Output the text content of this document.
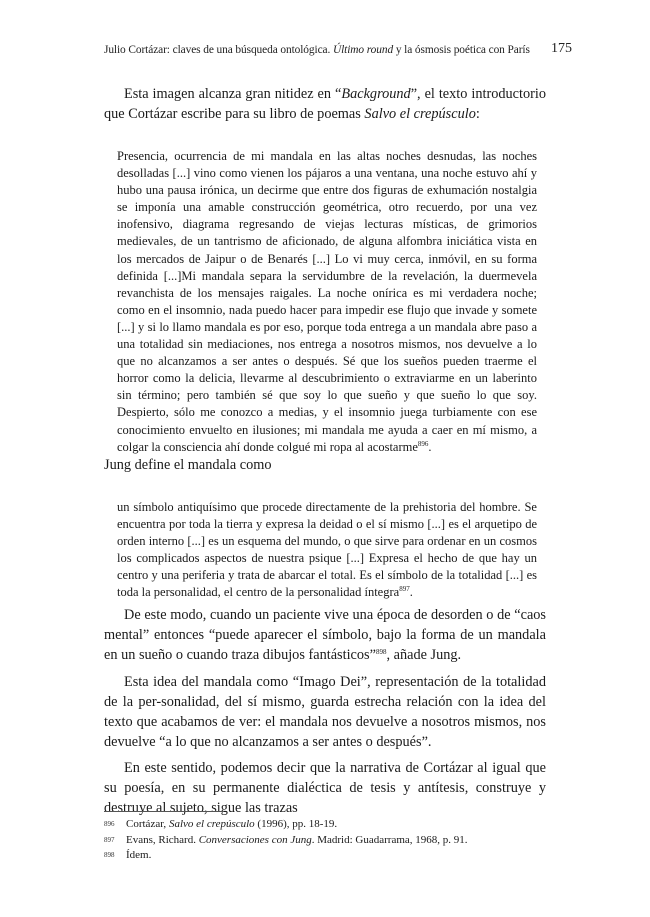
Julio Cortázar: claves de una búsqueda ontológica. Último round y la ósmosis poética con París	175
Esta imagen alcanza gran nitidez en “Background”, el texto introductorio que Cortázar escribe para su libro de poemas Salvo el crepúsculo:
Presencia, ocurrencia de mi mandala en las altas noches desnudas, las noches desolladas [...] vino como vienen los pájaros a una ventana, una noche estuvo ahí y hubo una pausa irónica, un decirme que entre dos figuras de exhumación nostalgia se imponía una amable construcción geométrica, otro recuerdo, por una vez inofensivo, diagrama regresando de viejas lecturas místicas, de grimorios medievales, de un tantrismo de aficionado, de alguna alfombra iniciática vista en los mercados de Jaipur o de Benarés [...] Lo vi muy cerca, inmóvil, en su forma definida [...]Mi mandala separa la servidumbre de la revelación, la duermevela revanchista de los mensajes raigales. La noche onírica es mi verdadera noche; como en el insomnio, nada puedo hacer para impedir ese flujo que invade y somete [...] y si lo llamo mandala es por eso, porque toda entrega a un mandala abre paso a una totalidad sin mediaciones, nos entrega a nosotros mismos, nos devuelve a lo que no alcanzamos a ser antes o después. Sé que los sueños pueden traerme el horror como la delicia, llevarme al descubrimiento o extraviarme en un laberinto sin término; pero también sé que soy lo que sueño y que sueño lo que soy. Despierto, sólo me conozco a medias, y el insomnio juega turbiamente con ese conocimiento envuelto en ilusiones; mi mandala me ayuda a caer en mí mismo, a colgar la consciencia ahí donde colgué mi ropa al acostarme$^{896}$.
Jung define el mandala como
un símbolo antiquísimo que procede directamente de la prehistoria del hombre. Se encuentra por toda la tierra y expresa la deidad o el sí mismo [...] es el arquetipo de orden interno [...] es un esquema del mundo, o que sirve para ordenar en un cosmos los complicados aspectos de nuestra psique [...] Expresa el hecho de que hay un centro y una periferia y trata de abarcar el total. Es el símbolo de la totalidad [...] es toda la personalidad, el centro de la personalidad íntegra$^{897}$.
De este modo, cuando un paciente vive una época de desorden o de “caos mental” entonces “puede aparecer el símbolo, bajo la forma de un mandala en un sueño o cuando traza dibujos fantásticos”$^{898}$, añade Jung.
Esta idea del mandala como “Imago Dei”, representación de la totalidad de la per-sonalidad, del sí mismo, guarda estrecha relación con la idea del texto que acabamos de ver: el mandala nos devuelve a nosotros mismos, nos devuelve “a lo que no alcanzamos a ser antes o después”.
En este sentido, podemos decir que la narrativa de Cortázar al igual que su poesía, en su permanente dialéctica de tesis y antítesis, construye y destruye al sujeto, sigue las trazas
896	Cortázar, Salvo el crepúsculo (1996), pp. 18-19.
897	Evans, Richard. Conversaciones con Jung. Madrid: Guadarrama, 1968, p. 91.
898	Ídem.
